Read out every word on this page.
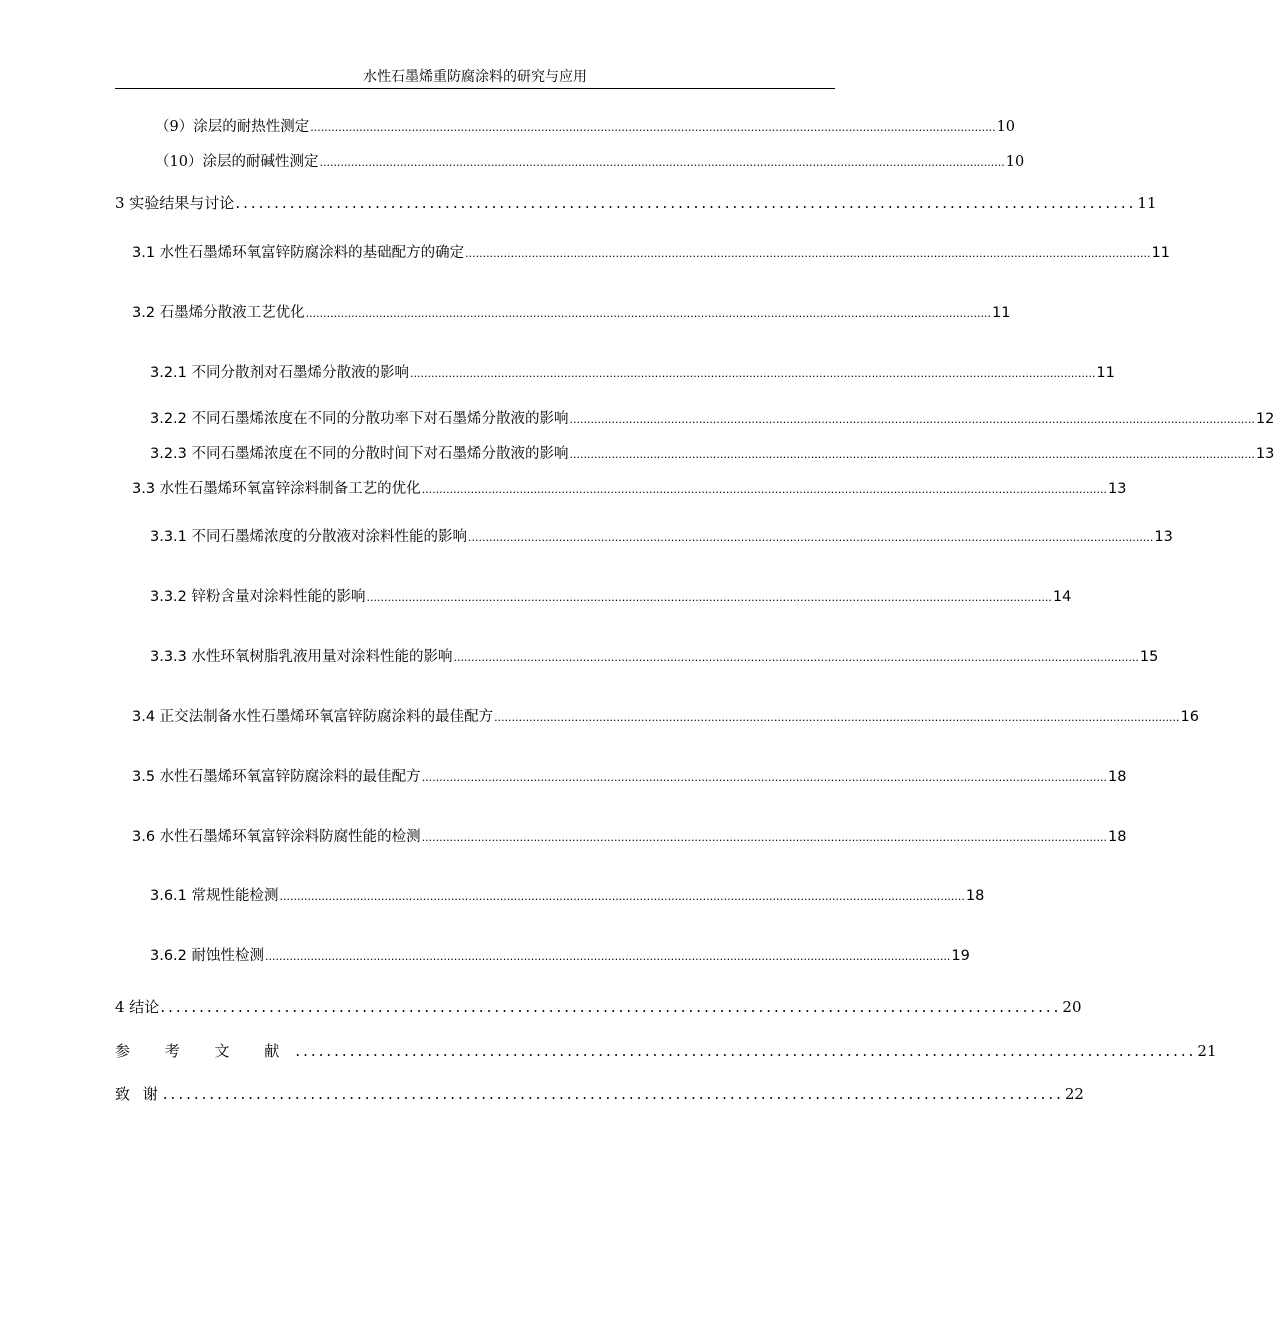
水性石墨烯重防腐涂料的研究与应用
（9）涂层的耐热性测定 .................................................................................................................................................................................................... 10
（10）涂层的耐碱性测定 .................................................................................................................................................................................................... 10
3 实验结果与讨论 .................................................................................................................... 11
3.1 水性石墨烯环氧富锌防腐涂料的基础配方的确定 .................................................................................................................................................................................................... 11
3.2 石墨烯分散液工艺优化 .................................................................................................................................................................................................... 11
3.2.1 不同分散剂对石墨烯分散液的影响 .................................................................................................................................................................................................... 11
3.2.2 不同石墨烯浓度在不同的分散功率下对石墨烯分散液的影响 .................................................................................................................................................................................................... 12
3.2.3 不同石墨烯浓度在不同的分散时间下对石墨烯分散液的影响 .................................................................................................................................................................................................... 13
3.3 水性石墨烯环氧富锌涂料制备工艺的优化 .................................................................................................................................................................................................... 13
3.3.1 不同石墨烯浓度的分散液对涂料性能的影响 .................................................................................................................................................................................................... 13
3.3.2 锌粉含量对涂料性能的影响 .................................................................................................................................................................................................... 14
3.3.3 水性环氧树脂乳液用量对涂料性能的影响 .................................................................................................................................................................................................... 15
3.4 正交法制备水性石墨烯环氧富锌防腐涂料的最佳配方 .................................................................................................................................................................................................... 16
3.5 水性石墨烯环氧富锌防腐涂料的最佳配方 .................................................................................................................................................................................................... 18
3.6 水性石墨烯环氧富锌涂料防腐性能的检测 .................................................................................................................................................................................................... 18
3.6.1 常规性能检测 .................................................................................................................................................................................................... 18
3.6.2 耐蚀性检测 .................................................................................................................................................................................................... 19
4 结论 .................................................................................................................... 20
参 考 文 献 .................................................................................................................... 21
致 谢 .................................................................................................................... 22
